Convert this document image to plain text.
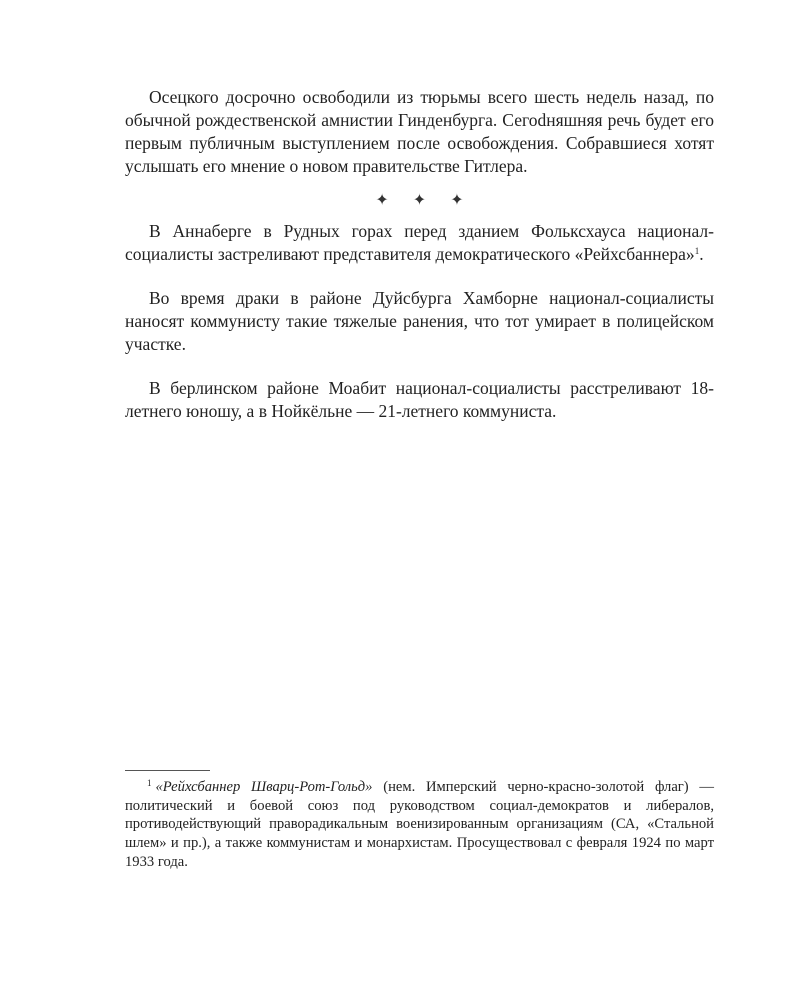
Осецкого досрочно освободили из тюрьмы всего шесть недель назад, по обычной рождественской амнистии Гинденбурга. Сегоdняшняя речь будет его первым публичным выступлением после освобождения. Собравшиеся хотят услышать его мнение о новом правительстве Гитлера.

✦ ✦ ✦

В Аннаберге в Рудных горах перед зданием Фольксхауса национал-социалисты застреливают представителя демократического «Рейхсбаннера»$^1$.

Во время драки в районе Дуйсбурга Хамборне национал-социалисты наносят коммунисту такие тяжелые ранения, что тот умирает в полицейском участке.

В берлинском районе Моабит национал-социалисты расстреливают 18-летнего юношу, а в Нойкёльне — 21-летнего коммуниста.

$^1$ «Рейхсбаннер Шварц-Рот-Гольд» (нем. Имперский черно-красно-золотой флаг) — политический и боевой союз под руководством социал-демократов и либералов, противодействующий праворадикальным военизированным организациям (СА, «Стальной шлем» и пр.), а также коммунистам и монархистам. Просуществовал с февраля 1924 по март 1933 года.
